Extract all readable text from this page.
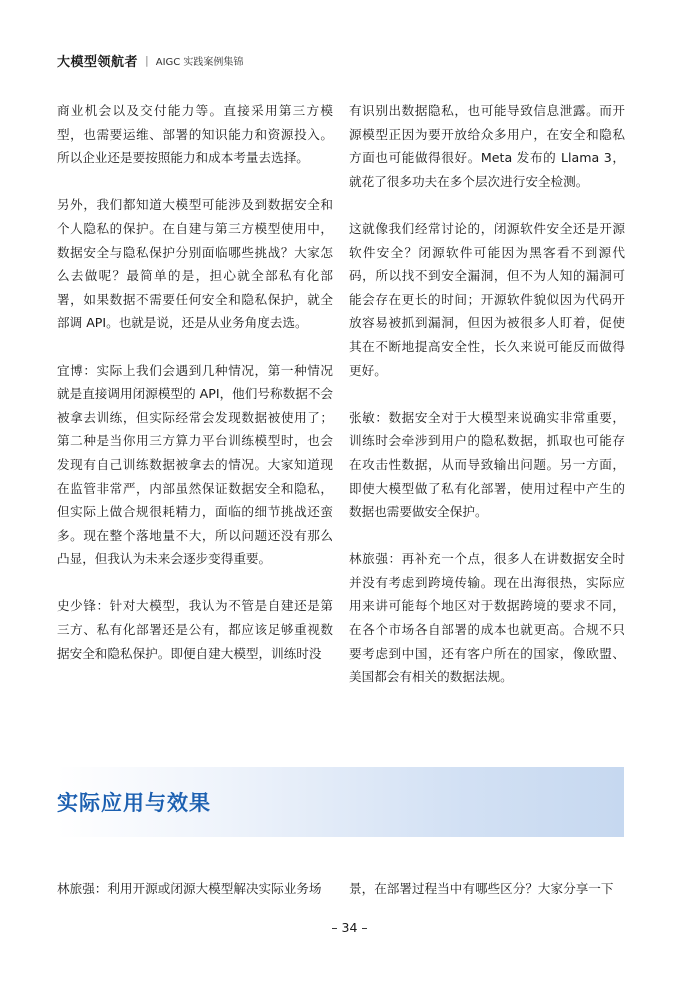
大模型领航者 | AIGC 实践案例集锦

商业机会以及交付能力等。直接采用第三方模型，也需要运维、部署的知识能力和资源投入。所以企业还是要按照能力和成本考量去选择。

另外，我们都知道大模型可能涉及到数据安全和个人隐私的保护。在自建与第三方模型使用中，数据安全与隐私保护分别面临哪些挑战？大家怎么去做呢？最简单的是，担心就全部私有化部署，如果数据不需要任何安全和隐私保护，就全部调 API。也就是说，还是从业务角度去选。

宜博：实际上我们会遇到几种情况，第一种情况就是直接调用闭源模型的 API，他们号称数据不会被拿去训练，但实际经常会发现数据被使用了；第二种是当你用三方算力平台训练模型时，也会发现有自己训练数据被拿去的情况。大家知道现在监管非常严，内部虽然保证数据安全和隐私，但实际上做合规很耗精力，面临的细节挑战还蛮多。现在整个落地量不大，所以问题还没有那么凸显，但我认为未来会逐步变得重要。

史少锋：针对大模型，我认为不管是自建还是第三方、私有化部署还是公有，都应该足够重视数据安全和隐私保护。即便自建大模型，训练时没

有识别出数据隐私，也可能导致信息泄露。而开源模型正因为要开放给众多用户，在安全和隐私方面也可能做得很好。Meta 发布的 Llama 3，就花了很多功夫在多个层次进行安全检测。

这就像我们经常讨论的，闭源软件安全还是开源软件安全？闭源软件可能因为黑客看不到源代码，所以找不到安全漏洞，但不为人知的漏洞可能会存在更长的时间；开源软件貌似因为代码开放容易被抓到漏洞，但因为被很多人盯着，促使其在不断地提高安全性，长久来说可能反而做得更好。

张敏：数据安全对于大模型来说确实非常重要，训练时会牵涉到用户的隐私数据，抓取也可能存在攻击性数据，从而导致输出问题。另一方面，即使大模型做了私有化部署，使用过程中产生的数据也需要做安全保护。

林旅强：再补充一个点，很多人在讲数据安全时并没有考虑到跨境传输。现在出海很热，实际应用来讲可能每个地区对于数据跨境的要求不同，在各个市场各自部署的成本也就更高。合规不只要考虑到中国，还有客户所在的国家，像欧盟、美国都会有相关的数据法规。

实际应用与效果
林旅强：利用开源或闭源大模型解决实际业务场 景，在部署过程当中有哪些区分？大家分享一下
– 34 –
